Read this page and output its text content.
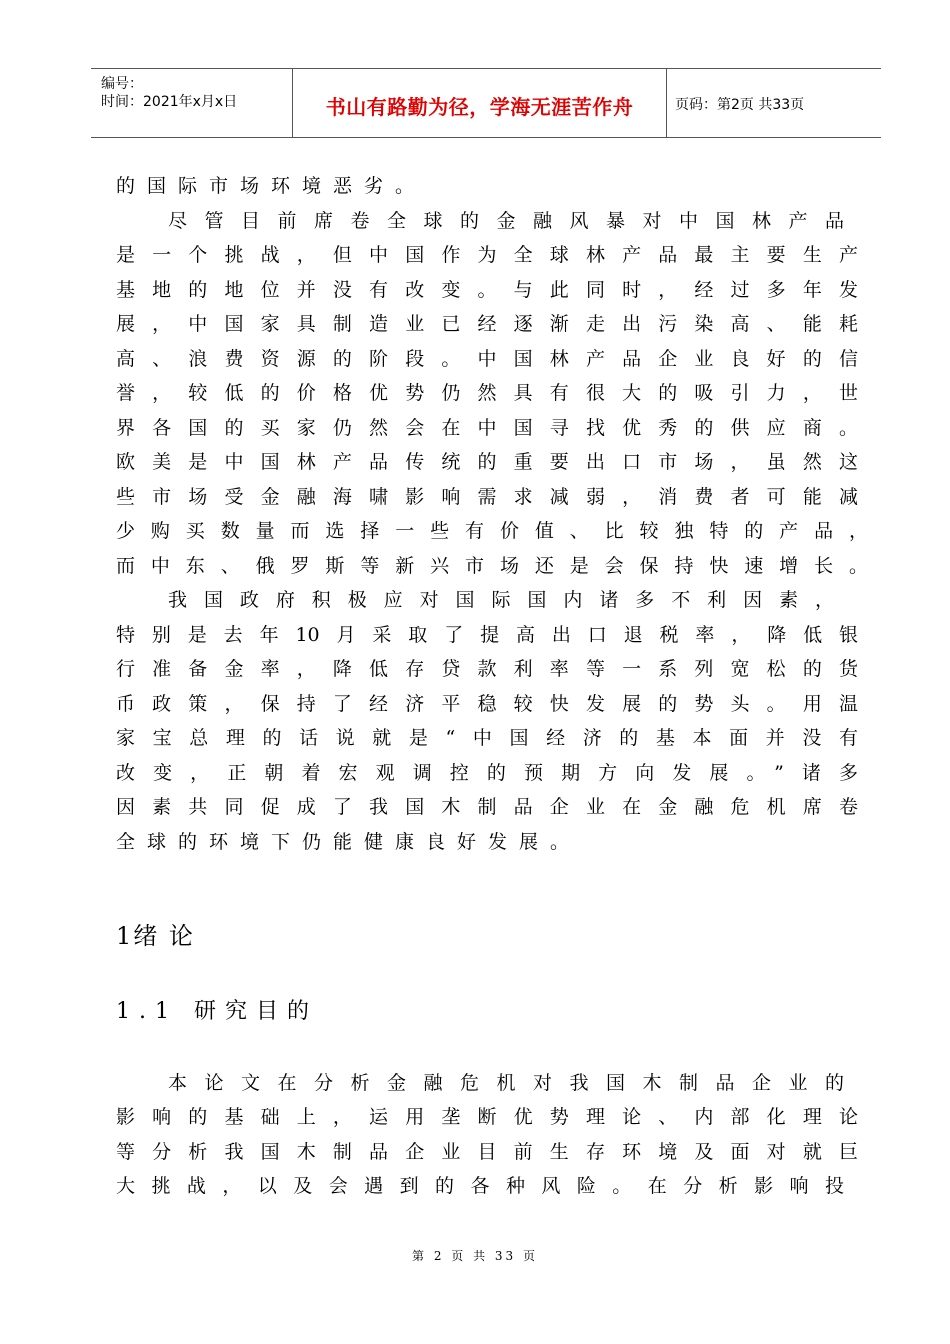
编号：
时间：2021年x月x日	书山有路勤为径，学海无涯苦作舟	页码：第2页 共33页
的国际市场环境恶劣。
尽管目前席卷全球的金融风暴对中国林产品
是一个挑战，但中国作为全球林产品最主要生产
基地的地位并没有改变。与此同时，经过多年发
展，中国家具制造业已经逐渐走出污染高、能耗
高、浪费资源的阶段。中国林产品企业良好的信
誉，较低的价格优势仍然具有很大的吸引力，世
界各国的买家仍然会在中国寻找优秀的供应商。
欧美是中国林产品传统的重要出口市场，虽然这
些市场受金融海啸影响需求减弱，消费者可能减
少购买数量而选择一些有价值、比较独特的产品，
而中东、俄罗斯等新兴市场还是会保持快速增长。
我国政府积极应对国际国内诸多不利因素，
特别是去年10月采取了提高出口退税率，降低银
行准备金率，降低存贷款利率等一系列宽松的货
币政策，保持了经济平稳较快发展的势头。用温
家宝总理的话说就是“中国经济的基本面并没有
改变，正朝着宏观调控的预期方向发展。”诸多
因素共同促成了我国木制品企业在金融危机席卷
全球的环境下仍能健康良好发展。
1绪 论
1.1 研究目的
本论文在分析金融危机对我国木制品企业的
影响的基础上，运用垄断优势理论、内部化理论
等分析我国木制品企业目前生存环境及面对就巨
大挑战，以及会遇到的各种风险。在分析影响投
第 2 页 共 33 页
